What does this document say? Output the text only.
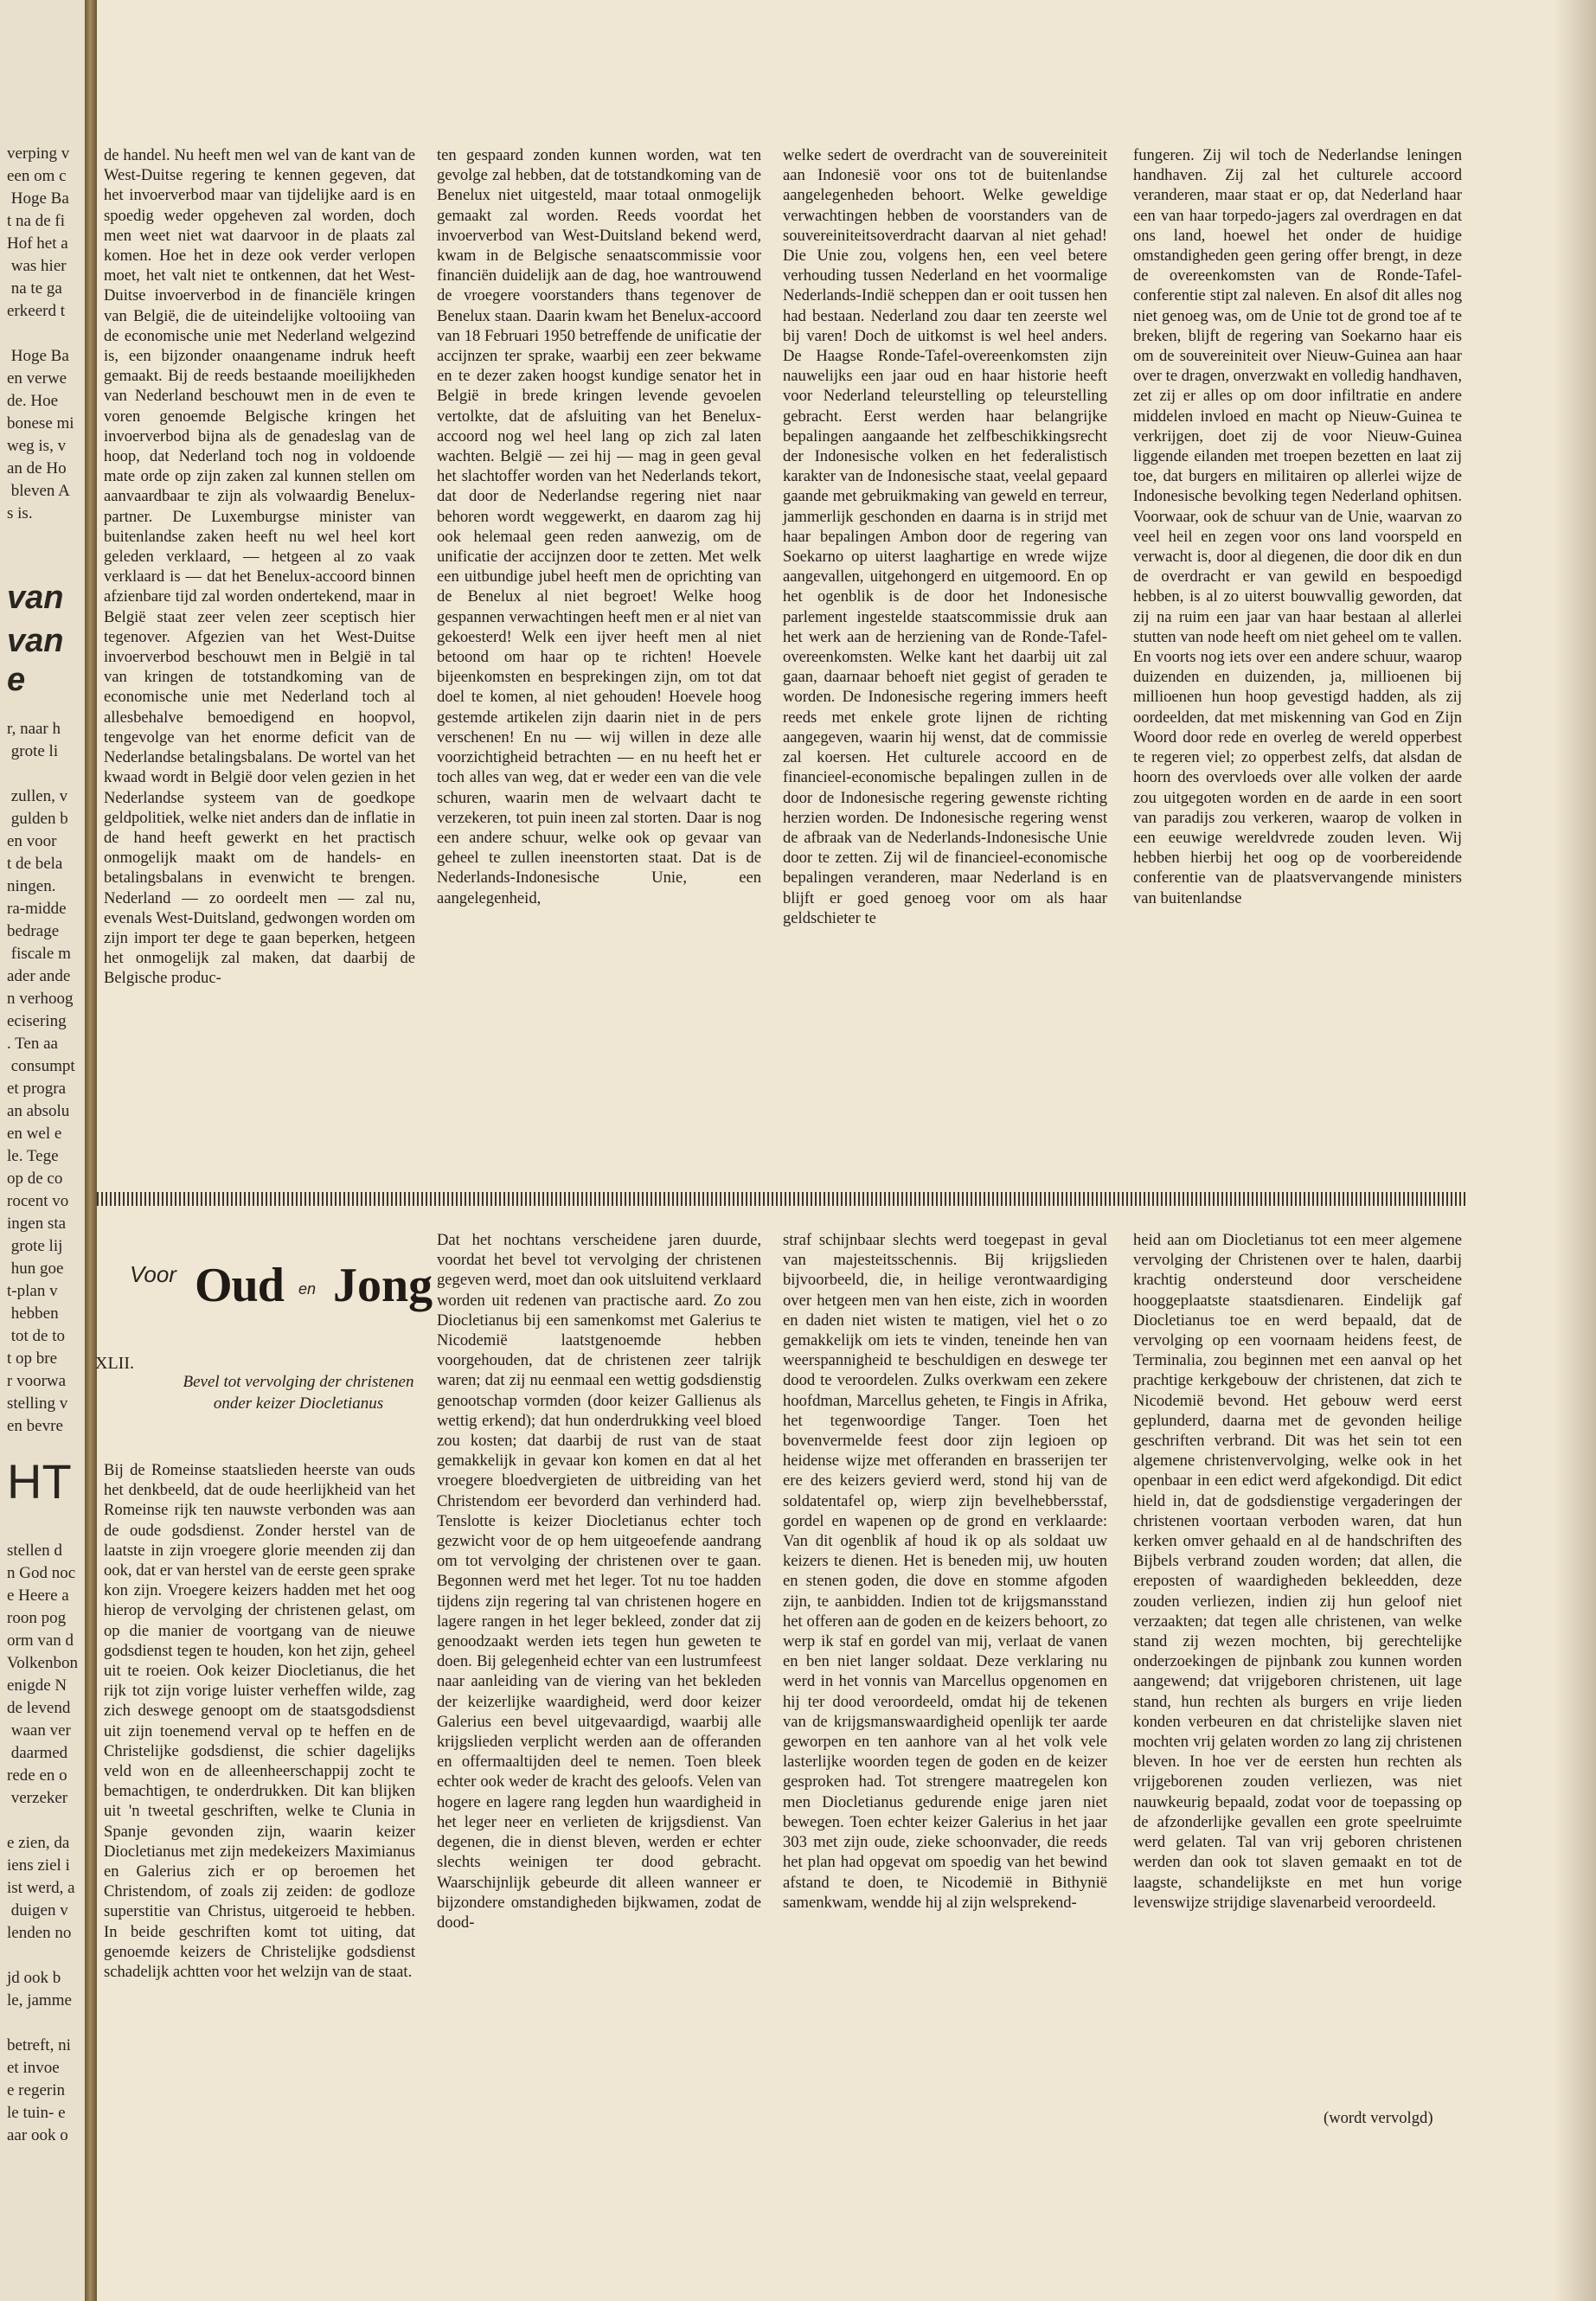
verping v
een om c
Hoge Ba
t na de fi
Hof het a
was hier
na te ga
erkeerd t

Hoge Ba
en verwe
de. Hoe
bonese mi
weg is, v
an de Ho
bleven A
s is.
van
van
e
r, naar h
grote li

zullen, v
gulden b
en voor
t de bela
ningen.
ra-midde
bedrage
fiscale m
ader ande
n verhoog
ecisering
. Ten aa
consumpt
et progra
an absolu
en wel e
le. Tege
op de co
rocent vo
ingen sta
grote lij
hun goe
t-plan v
hebben
tot de to
t op bre
r voorwa
stelling v
en bevre
HT
stellen d
n God noc
e Heere a
roon pog
orm van d
Volkenbon
enigde N
de levend
waan ver
daarmed
rede en o
verzeker

e zien, da
iens ziel i
ist werd, a
duigen v
lenden no

jd ook b
le, jamme

betreft, ni
et invoe
e regerin
le tuin- e
aar ook o

de handel. Nu heeft men wel van de kant van de West-Duitse regering te kennen gegeven, dat het invoerverbod maar van tijdelijke aard is en spoedig weder opgeheven zal worden, doch men weet niet wat daarvoor in de plaats zal komen. Hoe het in deze ook verder verlopen moet, het valt niet te ontkennen, dat het West-Duitse invoerverbod in de financiële kringen van België, die de uiteindelijke voltooiing van de economische unie met Nederland welgezind is, een bijzonder onaangename indruk heeft gemaakt. Bij de reeds bestaande moeilijkheden van Nederland beschouwt men in de even te voren genoemde Belgische kringen het invoerverbod bijna als de genadeslag van de hoop, dat Nederland toch nog in voldoende mate orde op zijn zaken zal kunnen stellen om aanvaardbaar te zijn als volwaardig Benelux-partner. De Luxemburgse minister van buitenlandse zaken heeft nu wel heel kort geleden verklaard, — hetgeen al zo vaak verklaard is — dat het Benelux-accoord binnen afzienbare tijd zal worden ondertekend, maar in België staat zeer velen zeer sceptisch hier tegenover. Afgezien van het West-Duitse invoerverbod beschouwt men in België in tal van kringen de totstandkoming van de economische unie met Nederland toch al allesbehalve bemoedigend en hoopvol, tengevolge van het enorme deficit van de Nederlandse betalingsbalans. De wortel van het kwaad wordt in België door velen gezien in het Nederlandse systeem van de goedkope geldpolitiek, welke niet anders dan de inflatie in de hand heeft gewerkt en het practisch onmogelijk maakt om de handels- en betalingsbalans in evenwicht te brengen. Nederland — zo oordeelt men — zal nu, evenals West-Duitsland, gedwongen worden om zijn import ter dege te gaan beperken, hetgeen het onmogelijk zal maken, dat daarbij de Belgische produc-

ten gespaard zonden kunnen worden, wat ten gevolge zal hebben, dat de totstandkoming van de Benelux niet uitgesteld, maar totaal onmogelijk gemaakt zal worden. Reeds voordat het invoerverbod van West-Duitsland bekend werd, kwam in de Belgische senaatscommissie voor financiën duidelijk aan de dag, hoe wantrouwend de vroegere voorstanders thans tegenover de Benelux staan. Daarin kwam het Benelux-accoord van 18 Februari 1950 betreffende de unificatie der accijnzen ter sprake, waarbij een zeer bekwame en te dezer zaken hoogst kundige senator het in België in brede kringen levende gevoelen vertolkte, dat de afsluiting van het Benelux-accoord nog wel heel lang op zich zal laten wachten. België — zei hij — mag in geen geval het slachtoffer worden van het Nederlands tekort, dat door de Nederlandse regering niet naar behoren wordt weggewerkt, en daarom zag hij ook helemaal geen reden aanwezig, om de unificatie der accijnzen door te zetten. Met welk een uitbundige jubel heeft men de oprichting van de Benelux al niet begroet! Welke hoog gespannen verwachtingen heeft men er al niet van gekoesterd! Welk een ijver heeft men al niet betoond om haar op te richten! Hoevele bijeenkomsten en besprekingen zijn, om tot dat doel te komen, al niet gehouden! Hoevele hoog gestemde artikelen zijn daarin niet in de pers verschenen! En nu — wij willen in deze alle voorzichtigheid betrachten — en nu heeft het er toch alles van weg, dat er weder een van die vele schuren, waarin men de welvaart dacht te verzekeren, tot puin ineen zal storten. Daar is nog een andere schuur, welke ook op gevaar van geheel te zullen ineenstorten staat. Dat is de Nederlands-Indonesische Unie, een aangelegenheid,

welke sedert de overdracht van de souvereiniteit aan Indonesië voor ons tot de buitenlandse aangelegenheden behoort. Welke geweldige verwachtingen hebben de voorstanders van de souvereiniteitsoverdracht daarvan al niet gehad! Die Unie zou, volgens hen, een veel betere verhouding tussen Nederland en het voormalige Nederlands-Indië scheppen dan er ooit tussen hen had bestaan. Nederland zou daar ten zeerste wel bij varen! Doch de uitkomst is wel heel anders. De Haagse Ronde-Tafel-overeenkomsten zijn nauwelijks een jaar oud en haar historie heeft voor Nederland teleurstelling op teleurstelling gebracht. Eerst werden haar belangrijke bepalingen aangaande het zelfbeschikkingsrecht der Indonesische volken en het federalistisch karakter van de Indonesische staat, veelal gepaard gaande met gebruikmaking van geweld en terreur, jammerlijk geschonden en daarna is in strijd met haar bepalingen Ambon door de regering van Soekarno op uiterst laaghartige en wrede wijze aangevallen, uitgehongerd en uitgemoord. En op het ogenblik is de door het Indonesische parlement ingestelde staatscommissie druk aan het werk aan de herziening van de Ronde-Tafel-overeenkomsten. Welke kant het daarbij uit zal gaan, daarnaar behoeft niet gegist of geraden te worden. De Indonesische regering immers heeft reeds met enkele grote lijnen de richting aangegeven, waarin hij wenst, dat de commissie zal koersen. Het culturele accoord en de financieel-economische bepalingen zullen in de door de Indonesische regering gewenste richting herzien worden. De Indonesische regering wenst de afbraak van de Nederlands-Indonesische Unie door te zetten. Zij wil de financieel-economische bepalingen veranderen, maar Nederland is en blijft er goed genoeg voor om als haar geldschieter te

fungeren. Zij wil toch de Nederlandse leningen handhaven. Zij zal het culturele accoord veranderen, maar staat er op, dat Nederland haar een van haar torpedo-jagers zal overdragen en dat ons land, hoewel het onder de huidige omstandigheden geen gering offer brengt, in deze de overeenkomsten van de Ronde-Tafel-conferentie stipt zal naleven. En alsof dit alles nog niet genoeg was, om de Unie tot de grond toe af te breken, blijft de regering van Soekarno haar eis om de souvereiniteit over Nieuw-Guinea aan haar over te dragen, onverzwakt en volledig handhaven, zet zij er alles op om door infiltratie en andere middelen invloed en macht op Nieuw-Guinea te verkrijgen, doet zij de voor Nieuw-Guinea liggende eilanden met troepen bezetten en laat zij toe, dat burgers en militairen op allerlei wijze de Indonesische bevolking tegen Nederland ophitsen. Voorwaar, ook de schuur van de Unie, waarvan zo veel heil en zegen voor ons land voorspeld en verwacht is, door al diegenen, die door dik en dun de overdracht er van gewild en bespoedigd hebben, is al zo uiterst bouwvallig geworden, dat zij na ruim een jaar van haar bestaan al allerlei stutten van node heeft om niet geheel om te vallen. En voorts nog iets over een andere schuur, waarop duizenden en duizenden, ja, millioenen bij millioenen hun hoop gevestigd hadden, als zij oordeelden, dat met miskenning van God en Zijn Woord door rede en overleg de wereld opperbest te regeren viel; zo opperbest zelfs, dat alsdan de hoorn des overvloeds over alle volken der aarde zou uitgegoten worden en de aarde in een soort van paradijs zou verkeren, waarop de volken in een eeuwige wereldvrede zouden leven. Wij hebben hierbij het oog op de voorbereidende conferentie van de plaatsvervangende ministers van buitenlandse

Voor Oud en Jong
XLII.
Bevel tot vervolging der christenen onder keizer Diocletianus

Bij de Romeinse staatslieden heerste van ouds het denkbeeld, dat de oude heerlijkheid van het Romeinse rijk ten nauwste verbonden was aan de oude godsdienst. Zonder herstel van de laatste in zijn vroegere glorie meenden zij dan ook, dat er van herstel van de eerste geen sprake kon zijn. Vroegere keizers hadden met het oog hierop de vervolging der christenen gelast, om op die manier de voortgang van de nieuwe godsdienst tegen te houden, kon het zijn, geheel uit te roeien. Ook keizer Diocletianus, die het rijk tot zijn vorige luister verheffen wilde, zag zich deswege genoopt om de staatsgodsdienst uit zijn toenemend verval op te heffen en de Christelijke godsdienst, die schier dagelijks veld won en de alleenheerschappij zocht te bemachtigen, te onderdrukken. Dit kan blijken uit 'n tweetal geschriften, welke te Clunia in Spanje gevonden zijn, waarin keizer Diocletianus met zijn medekeizers Maximianus en Galerius zich er op beroemen het Christendom, of zoals zij zeiden: de godloze superstitie van Christus, uitgeroeid te hebben. In beide geschriften komt tot uiting, dat genoemde keizers de Christelijke godsdienst schadelijk achtten voor het welzijn van de staat.

Dat het nochtans verscheidene jaren duurde, voordat het bevel tot vervolging der christenen gegeven werd, moet dan ook uitsluitend verklaard worden uit redenen van practische aard. Zo zou Diocletianus bij een samenkomst met Galerius te Nicodemië laatstgenoemde hebben voorgehouden, dat de christenen zeer talrijk waren; dat zij nu eenmaal een wettig godsdienstig genootschap vormden (door keizer Gallienus als wettig erkend); dat hun onderdrukking veel bloed zou kosten; dat daarbij de rust van de staat gemakkelijk in gevaar kon komen en dat al het vroegere bloedvergieten de uitbreiding van het Christendom eer bevorderd dan verhinderd had. Tenslotte is keizer Diocletianus echter toch gezwicht voor de op hem uitgeoefende aandrang om tot vervolging der christenen over te gaan. Begonnen werd met het leger. Tot nu toe hadden tijdens zijn regering tal van christenen hogere en lagere rangen in het leger bekleed, zonder dat zij genoodzaakt werden iets tegen hun geweten te doen. Bij gelegenheid echter van een lustrumfeest naar aanleiding van de viering van het bekleden der keizerlijke waardigheid, werd door keizer Galerius een bevel uitgevaardigd, waarbij alle krijgslieden verplicht werden aan de offeranden en offermaaltijden deel te nemen. Toen bleek echter ook weder de kracht des geloofs. Velen van hogere en lagere rang legden hun waardigheid in het leger neer en verlieten de krijgsdienst. Van degenen, die in dienst bleven, werden er echter slechts weinigen ter dood gebracht. Waarschijnlijk gebeurde dit alleen wanneer er bijzondere omstandigheden bijkwamen, zodat de dood-

straf schijnbaar slechts werd toegepast in geval van majesteitsschennis. Bij krijgslieden bijvoorbeeld, die, in heilige verontwaardiging over hetgeen men van hen eiste, zich in woorden en daden niet wisten te matigen, viel het o zo gemakkelijk om iets te vinden, teneinde hen van weerspannigheid te beschuldigen en deswege ter dood te veroordelen. Zulks overkwam een zekere hoofdman, Marcellus geheten, te Fingis in Afrika, het tegenwoordige Tanger. Toen het bovenvermelde feest door zijn legioen op heidense wijze met offeranden en brasserijen ter ere des keizers gevierd werd, stond hij van de soldatentafel op, wierp zijn bevelhebbersstaf, gordel en wapenen op de grond en verklaarde: Van dit ogenblik af houd ik op als soldaat uw keizers te dienen. Het is beneden mij, uw houten en stenen goden, die dove en stomme afgoden zijn, te aanbidden. Indien tot de krijgsmansstand het offeren aan de goden en de keizers behoort, zo werp ik staf en gordel van mij, verlaat de vanen en ben niet langer soldaat. Deze verklaring nu werd in het vonnis van Marcellus opgenomen en hij ter dood veroordeeld, omdat hij de tekenen van de krijgsmanswaardigheid openlijk ter aarde geworpen en ten aanhore van al het volk vele lasterlijke woorden tegen de goden en de keizer gesproken had. Tot strengere maatregelen kon men Diocletianus gedurende enige jaren niet bewegen. Toen echter keizer Galerius in het jaar 303 met zijn oude, zieke schoonvader, die reeds het plan had opgevat om spoedig van het bewind afstand te doen, te Nicodemië in Bithynië samenkwam, wendde hij al zijn welsprekend-

heid aan om Diocletianus tot een meer algemene vervolging der Christenen over te halen, daarbij krachtig ondersteund door verscheidene hooggeplaatste staatsdienaren. Eindelijk gaf Diocletianus toe en werd bepaald, dat de vervolging op een voornaam heidens feest, de Terminalia, zou beginnen met een aanval op het prachtige kerkgebouw der christenen, dat zich te Nicodemië bevond. Het gebouw werd eerst geplunderd, daarna met de gevonden heilige geschriften verbrand. Dit was het sein tot een algemene christenvervolging, welke ook in het openbaar in een edict werd afgekondigd. Dit edict hield in, dat de godsdienstige vergaderingen der christenen voortaan verboden waren, dat hun kerken omver gehaald en al de handschriften des Bijbels verbrand zouden worden; dat allen, die ereposten of waardigheden bekleedden, deze zouden verliezen, indien zij hun geloof niet verzaakten; dat tegen alle christenen, van welke stand zij wezen mochten, bij gerechtelijke onderzoekingen de pijnbank zou kunnen worden aangewend; dat vrijgeboren christenen, uit lage stand, hun rechten als burgers en vrije lieden konden verbeuren en dat christelijke slaven niet mochten vrij gelaten worden zo lang zij christenen bleven. In hoe ver de eersten hun rechten als vrijgeborenen zouden verliezen, was niet nauwkeurig bepaald, zodat voor de toepassing op de afzonderlijke gevallen een grote speelruimte werd gelaten. Tal van vrij geboren christenen werden dan ook tot slaven gemaakt en tot de laagste, schandelijkste en met hun vorige levenswijze strijdige slavenarbeid veroordeeld.

(wordt vervolgd)
